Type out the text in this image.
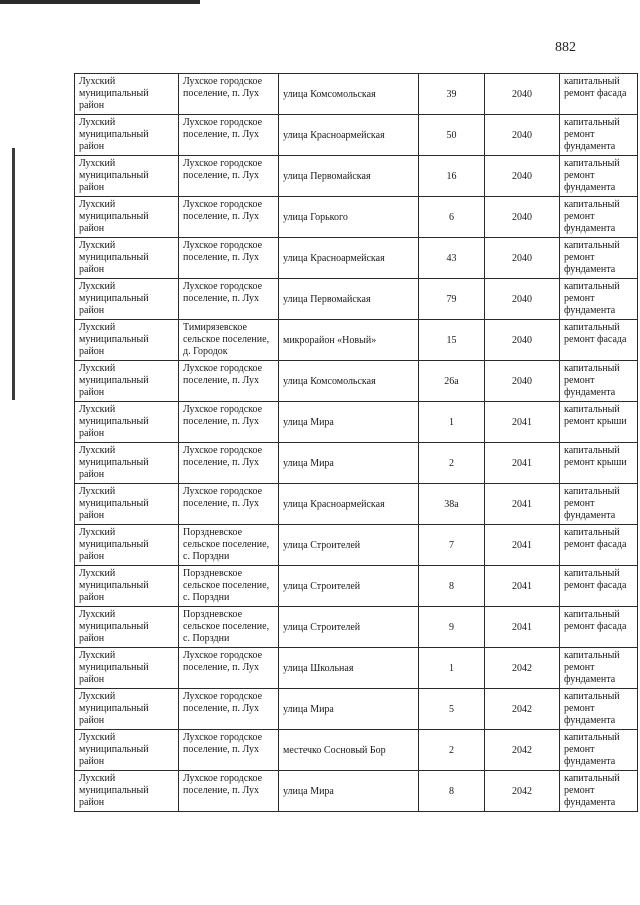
882
Лухский муниципальный район	Лухское городское поселение, п. Лух	улица Комсомольская	39	2040	капитальный ремонт фасада
Лухский муниципальный район	Лухское городское поселение, п. Лух	улица Красноармейская	50	2040	капитальный ремонт фундамента
Лухский муниципальный район	Лухское городское поселение, п. Лух	улица Первомайская	16	2040	капитальный ремонт фундамента
Лухский муниципальный район	Лухское городское поселение, п. Лух	улица Горького	6	2040	капитальный ремонт фундамента
Лухский муниципальный район	Лухское городское поселение, п. Лух	улица Красноармейская	43	2040	капитальный ремонт фундамента
Лухский муниципальный район	Лухское городское поселение, п. Лух	улица Первомайская	79	2040	капитальный ремонт фундамента
Лухский муниципальный район	Тимирязевское сельское поселение, д. Городок	микрорайон «Новый»	15	2040	капитальный ремонт фасада
Лухский муниципальный район	Лухское городское поселение, п. Лух	улица Комсомольская	26а	2040	капитальный ремонт фундамента
Лухский муниципальный район	Лухское городское поселение, п. Лух	улица Мира	1	2041	капитальный ремонт крыши
Лухский муниципальный район	Лухское городское поселение, п. Лух	улица Мира	2	2041	капитальный ремонт крыши
Лухский муниципальный район	Лухское городское поселение, п. Лух	улица Красноармейская	38а	2041	капитальный ремонт фундамента
Лухский муниципальный район	Порздневское сельское поселение, с. Порздни	улица Строителей	7	2041	капитальный ремонт фасада
Лухский муниципальный район	Порздневское сельское поселение, с. Порздни	улица Строителей	8	2041	капитальный ремонт фасада
Лухский муниципальный район	Порздневское сельское поселение, с. Порздни	улица Строителей	9	2041	капитальный ремонт фасада
Лухский муниципальный район	Лухское городское поселение, п. Лух	улица Школьная	1	2042	капитальный ремонт фундамента
Лухский муниципальный район	Лухское городское поселение, п. Лух	улица Мира	5	2042	капитальный ремонт фундамента
Лухский муниципальный район	Лухское городское поселение, п. Лух	местечко Сосновый Бор	2	2042	капитальный ремонт фундамента
Лухский муниципальный район	Лухское городское поселение, п. Лух	улица Мира	8	2042	капитальный ремонт фундамента
